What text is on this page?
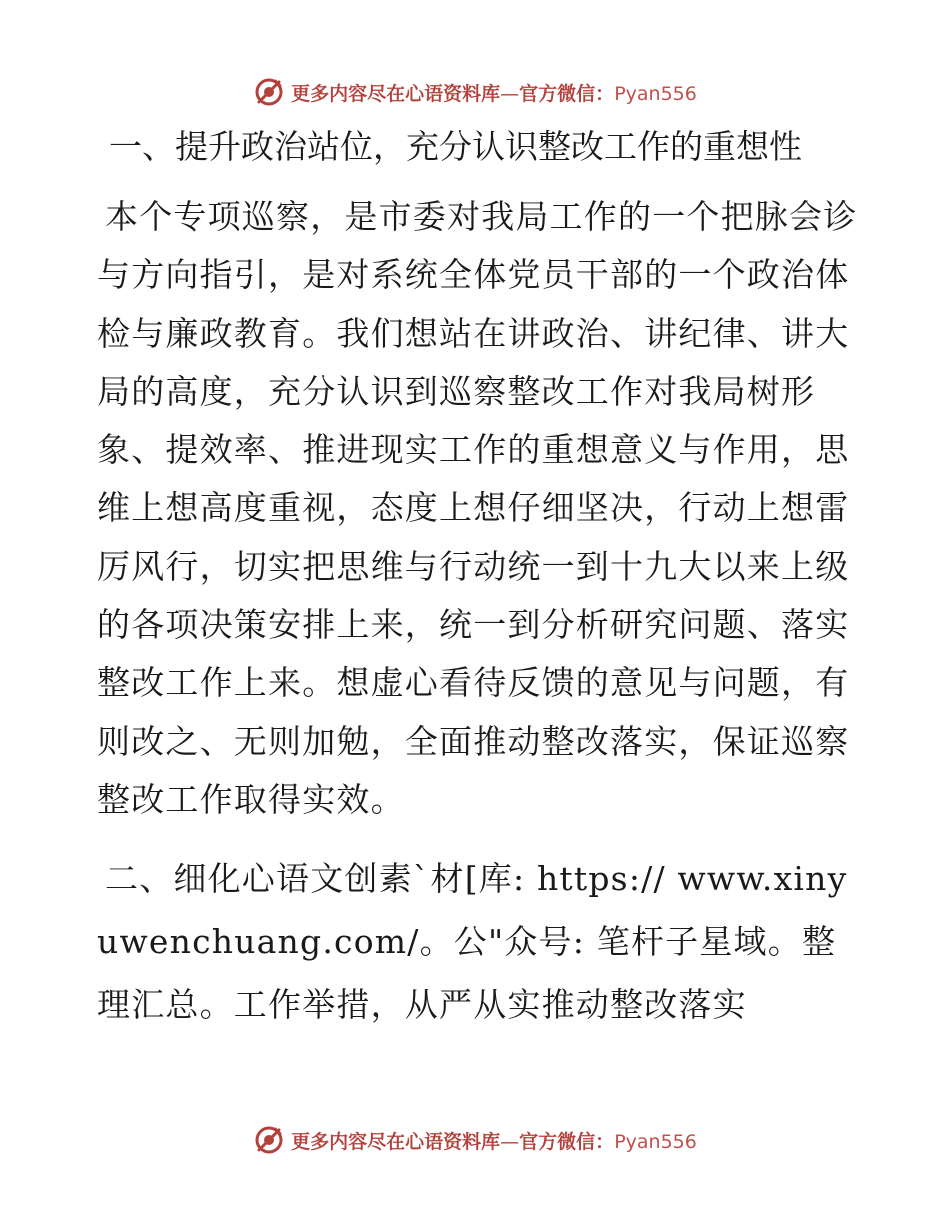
更多内容尽在心语资料库—官方微信：Pyan556
一、提升政治站位，充分认识整改工作的重想性

本个专项巡察，是市委对我局工作的一个把脉会诊与方向指引，是对系统全体党员干部的一个政治体检与廉政教育。我们想站在讲政治、讲纪律、讲大局的高度，充分认识到巡察整改工作对我局树形象、提效率、推进现实工作的重想意义与作用，思维上想高度重视，态度上想仔细坚决，行动上想雷厉风行，切实把思维与行动统一到十九大以来上级的各项决策安排上来，统一到分析研究问题、落实整改工作上来。想虚心看待反馈的意见与问题，有则改之、无则加勉，全面推动整改落实，保证巡察整改工作取得实效。

二、细化心语文创素`材[库: https:// www.xinyuwenchuang.com/。公"众号: 笔杆子星域。整理汇总。工作举措，从严从实推动整改落实

更多内容尽在心语资料库—官方微信：Pyan556
